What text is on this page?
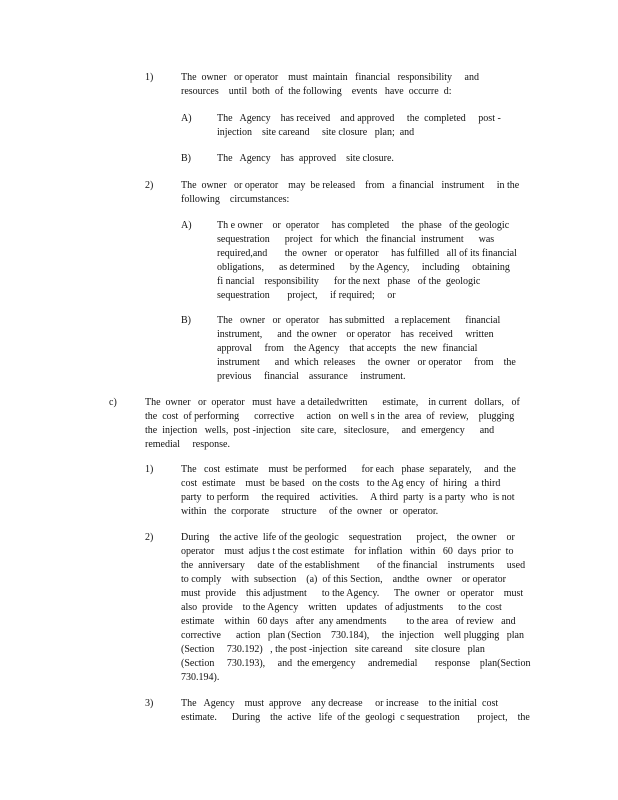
1)	The  owner   or operator    must  maintain   financial   responsibility     and
resources    until  both  of  the following    events   have  occurre  d:
A)	The   Agency    has received    and approved     the  completed     post -
injection    site careand     site closure   plan;  and
B)	The   Agency    has  approved    site closure.
2)	The  owner   or operator    may  be released    from   a financial   instrument     in the
following    circumstances:
A)	Th e owner    or  operator     has completed     the  phase   of the geologic
sequestration      project   for which   the financial  instrument      was
required,and       the  owner   or operator     has fulfilled   all of its financial
obligations,      as determined      by the Agency,     including     obtaining
fi nancial    responsibility      for the next   phase   of the  geologic
sequestration       project,     if required;     or
B)	The   owner   or  operator    has submitted    a replacement      financial
instrument,      and  the owner    or operator    has  received     written
approval     from    the Agency    that accepts   the  new  financial
instrument      and  which  releases     the  owner   or operator     from    the
previous     financial    assurance     instrument.
c)	The  owner   or  operator   must  have  a detailedwritten      estimate,    in current   dollars,   of
the  cost  of performing      corrective     action   on well s in the  area  of  review,    plugging
the  injection   wells,  post -injection    site care,   siteclosure,     and  emergency      and
remedial     response.
1)	The   cost  estimate    must  be performed      for each   phase  separately,     and  the
cost  estimate    must  be based   on the costs   to the Ag ency  of  hiring   a third
party  to perform     the required    activities.     A third  party  is a party  who  is not
within   the  corporate     structure     of the  owner   or  operator.
2)	During    the active  life of the geologic    sequestration      project,    the owner    or
operator    must  adjus t the cost estimate    for inflation   within   60  days  prior  to
the  anniversary     date  of the establishment       of the financial    instruments     used
to comply    with  subsection    (a)  of this Section,    andthe   owner    or operator
must  provide    this adjustment      to the Agency.      The  owner   or  operator    must
also  provide    to the Agency    written    updates   of adjustments      to the  cost
estimate    within   60 days   after  any amendments        to the area   of review   and
corrective      action   plan (Section    730.184),     the  injection    well plugging   plan
(Section     730.192)   , the post -injection   site careand     site closure   plan
(Section     730.193),     and  the emergency     andremedial       response    plan(Section
730.194).
3)	The   Agency    must  approve    any decrease     or increase    to the initial  cost
estimate.      During    the  active   life  of the  geologi  c sequestration       project,    the
